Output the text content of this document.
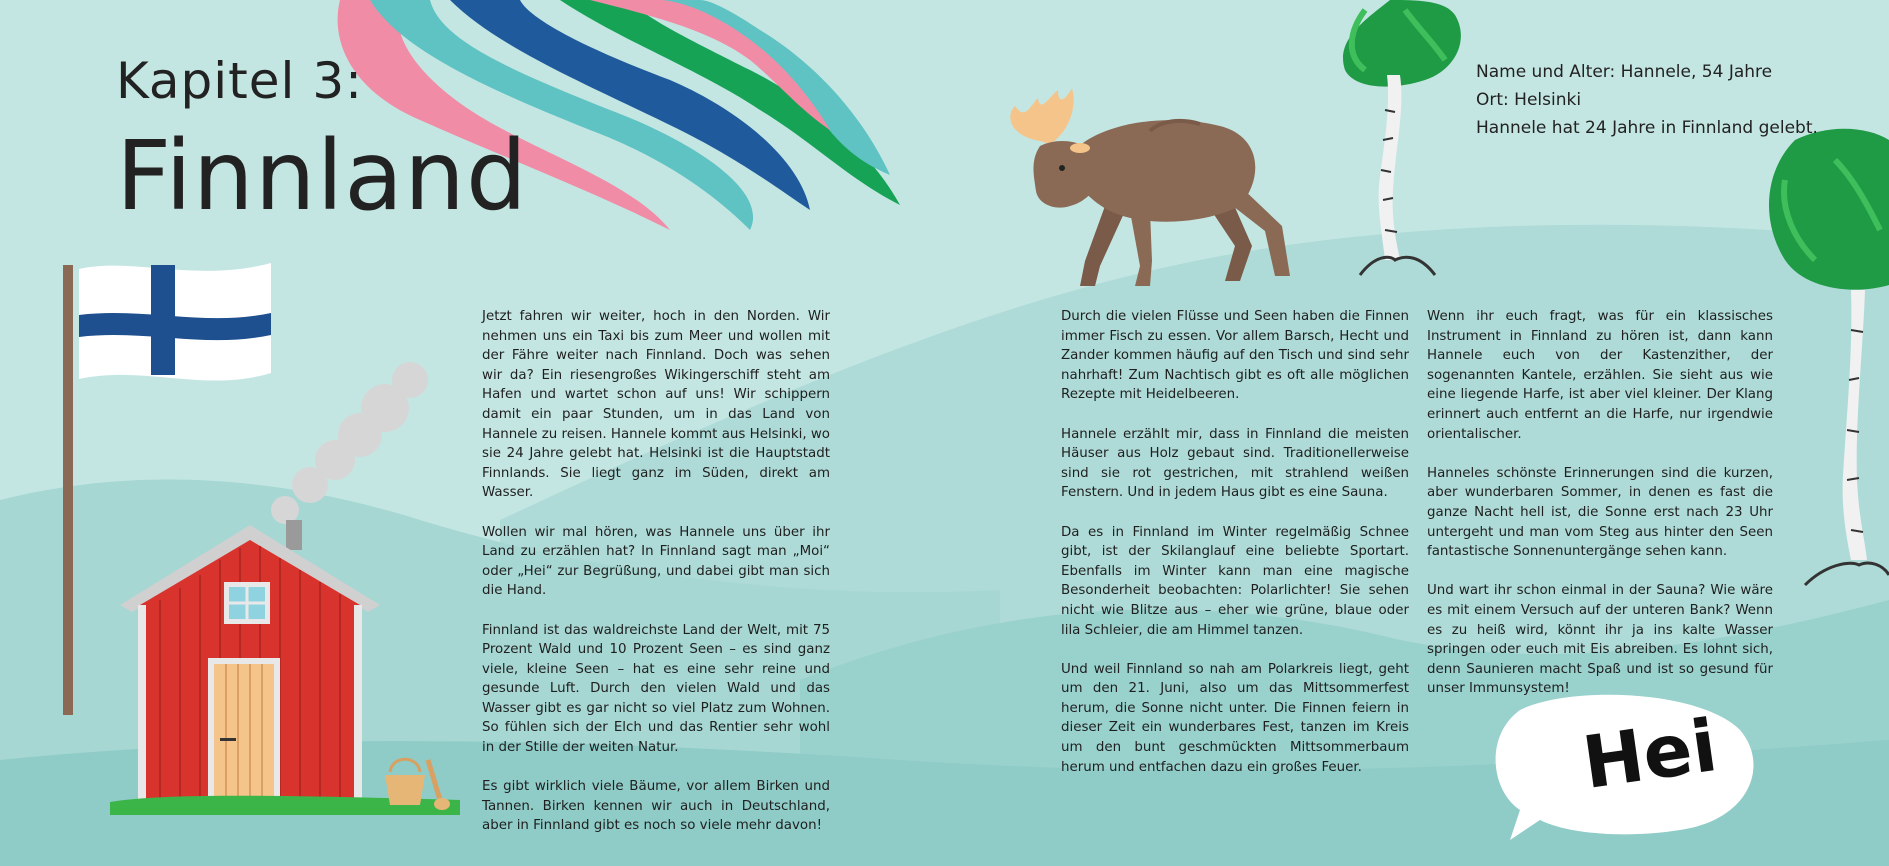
Kapitel 3:
Finnland
Name und Alter: Hannele, 54 Jahre
Ort: Helsinki
Hannele hat 24 Jahre in Finnland gelebt.

Jetzt fahren wir weiter, hoch in den Norden. Wir nehmen uns ein Taxi bis zum Meer und wollen mit der Fähre weiter nach Finnland. Doch was sehen wir da? Ein riesengroßes Wikingerschiff steht am Hafen und wartet schon auf uns! Wir schippern damit ein paar Stunden, um in das Land von Hannele zu reisen. Hannele kommt aus Helsinki, wo sie 24 Jahre gelebt hat. Helsinki ist die Hauptstadt Finnlands. Sie liegt ganz im Süden, direkt am Wasser.

Wollen wir mal hören, was Hannele uns über ihr Land zu erzählen hat? In Finnland sagt man „Moi“ oder „Hei“ zur Begrüßung, und dabei gibt man sich die Hand.

Finnland ist das waldreichste Land der Welt, mit 75 Prozent Wald und 10 Prozent Seen – es sind ganz viele, kleine Seen – hat es eine sehr reine und gesunde Luft. Durch den vielen Wald und das Wasser gibt es gar nicht so viel Platz zum Wohnen. So fühlen sich der Elch und das Rentier sehr wohl in der Stille der weiten Natur.

Es gibt wirklich viele Bäume, vor allem Birken und Tannen. Birken kennen wir auch in Deutschland, aber in Finnland gibt es noch so viele mehr davon!

Durch die vielen Flüsse und Seen haben die Finnen immer Fisch zu essen. Vor allem Barsch, Hecht und Zander kommen häufig auf den Tisch und sind sehr nahrhaft! Zum Nachtisch gibt es oft alle möglichen Rezepte mit Heidelbeeren.

Hannele erzählt mir, dass in Finnland die meisten Häuser aus Holz gebaut sind. Traditionellerweise sind sie rot gestrichen, mit strahlend weißen Fenstern. Und in jedem Haus gibt es eine Sauna.

Da es in Finnland im Winter regelmäßig Schnee gibt, ist der Skilanglauf eine beliebte Sportart. Ebenfalls im Winter kann man eine magische Besonderheit beobachten: Polarlichter! Sie sehen nicht wie Blitze aus – eher wie grüne, blaue oder lila Schleier, die am Himmel tanzen.

Und weil Finnland so nah am Polarkreis liegt, geht um den 21. Juni, also um das Mittsommerfest herum, die Sonne nicht unter. Die Finnen feiern in dieser Zeit ein wunderbares Fest, tanzen im Kreis um den bunt geschmückten Mittsommerbaum herum und entfachen dazu ein großes Feuer.

Wenn ihr euch fragt, was für ein klassisches Instrument in Finnland zu hören ist, dann kann Hannele euch von der Kastenzither, der sogenannten Kantele, erzählen. Sie sieht aus wie eine liegende Harfe, ist aber viel kleiner. Der Klang erinnert auch entfernt an die Harfe, nur irgendwie orientalischer.

Hanneles schönste Erinnerungen sind die kurzen, aber wunderbaren Sommer, in denen es fast die ganze Nacht hell ist, die Sonne erst nach 23 Uhr untergeht und man vom Steg aus hinter den Seen fantastische Sonnenuntergänge sehen kann.

Und wart ihr schon einmal in der Sauna? Wie wäre es mit einem Versuch auf der unteren Bank? Wenn es zu heiß wird, könnt ihr ja ins kalte Wasser springen oder euch mit Eis abreiben. Es lohnt sich, denn Saunieren macht Spaß und ist so gesund für unser Immunsystem!

Hei
